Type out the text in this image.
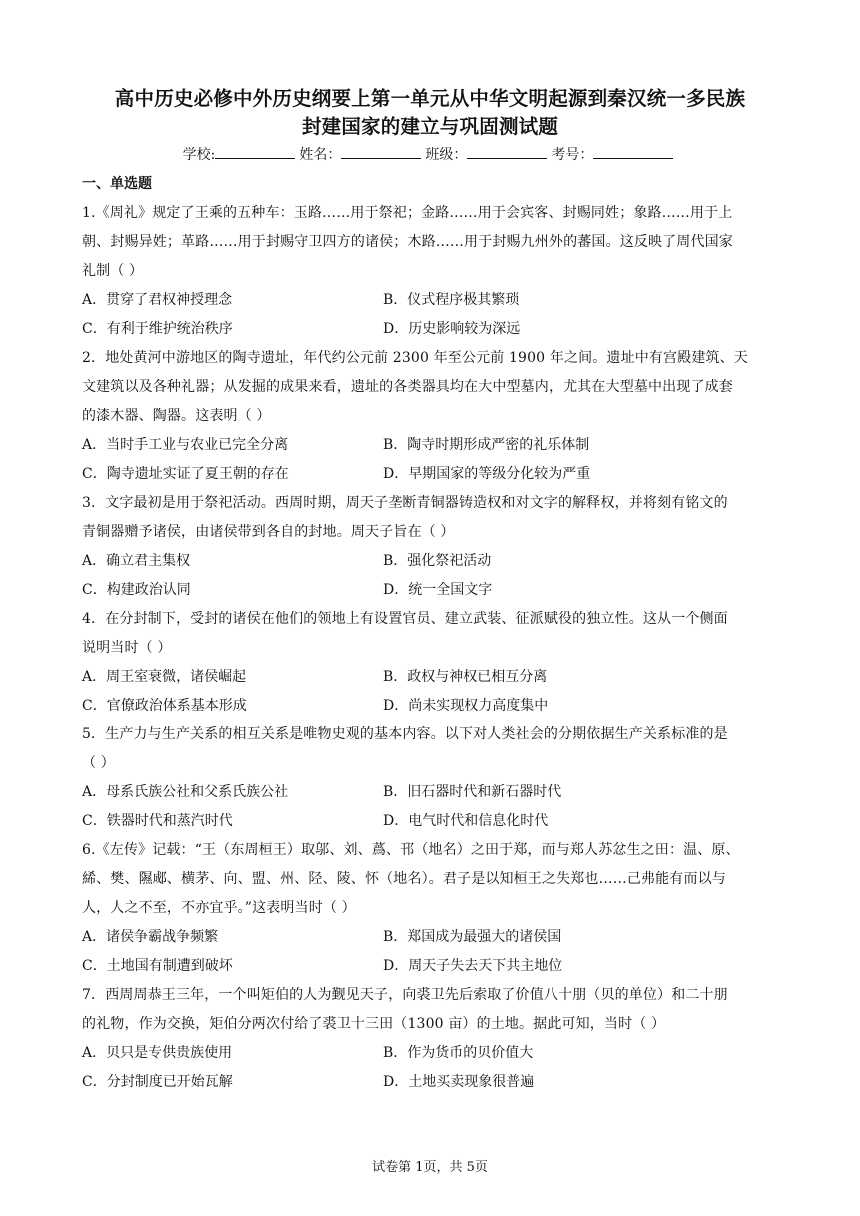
高中历史必修中外历史纲要上第一单元从中华文明起源到秦汉统一多民族
封建国家的建立与巩固测试题
学校:	姓名：	班级：	考号：
一、单选题
1.《周礼》规定了王乘的五种车：玉路……用于祭祀；金路……用于会宾客、封赐同姓；象路……用于上
朝、封赐异姓；革路……用于封赐守卫四方的诸侯；木路……用于封赐九州外的蕃国。这反映了周代国家
礼制（ ）
A．贯穿了君权神授理念	B．仪式程序极其繁琐
C．有利于维护统治秩序	D．历史影响较为深远
2．地处黄河中游地区的陶寺遗址，年代约公元前 2300 年至公元前 1900 年之间。遗址中有宫殿建筑、天
文建筑以及各种礼器；从发掘的成果来看，遗址的各类器具均在大中型墓内，尤其在大型墓中出现了成套
的漆木器、陶器。这表明（ ）
A．当时手工业与农业已完全分离	B．陶寺时期形成严密的礼乐体制
C．陶寺遗址实证了夏王朝的存在	D．早期国家的等级分化较为严重
3．文字最初是用于祭祀活动。西周时期，周天子垄断青铜器铸造权和对文字的解释权，并将刻有铭文的
青铜器赠予诸侯，由诸侯带到各自的封地。周天子旨在（ ）
A．确立君主集权	B．强化祭祀活动
C．构建政治认同	D．统一全国文字
4．在分封制下，受封的诸侯在他们的领地上有设置官员、建立武装、征派赋役的独立性。这从一个侧面
说明当时（ ）
A．周王室衰微，诸侯崛起	B．政权与神权已相互分离
C．官僚政治体系基本形成	D．尚未实现权力高度集中
5．生产力与生产关系的相互关系是唯物史观的基本内容。以下对人类社会的分期依据生产关系标准的是
（ ）
A．母系氏族公社和父系氏族公社	B．旧石器时代和新石器时代
C．铁器时代和蒸汽时代	D．电气时代和信息化时代
6.《左传》记载：“王（东周桓王）取邬、刘、蔿、邗（地名）之田于郑，而与郑人苏忿生之田：温、原、
絺、樊、隰郕、横茅、向、盟、州、陉、陵、怀（地名）。君子是以知桓王之失郑也……己弗能有而以与
人，人之不至，不亦宜乎。”这表明当时（ ）
A．诸侯争霸战争频繁	B．郑国成为最强大的诸侯国
C．土地国有制遭到破坏	D．周天子失去天下共主地位
7．西周周恭王三年，一个叫矩伯的人为觐见天子，向裘卫先后索取了价值八十朋（贝的单位）和二十朋
的礼物，作为交换，矩伯分两次付给了裘卫十三田（1300 亩）的土地。据此可知，当时（ ）
A．贝只是专供贵族使用	B．作为货币的贝价值大
C．分封制度已开始瓦解	D．土地买卖现象很普遍
试卷第 1页，共 5页
